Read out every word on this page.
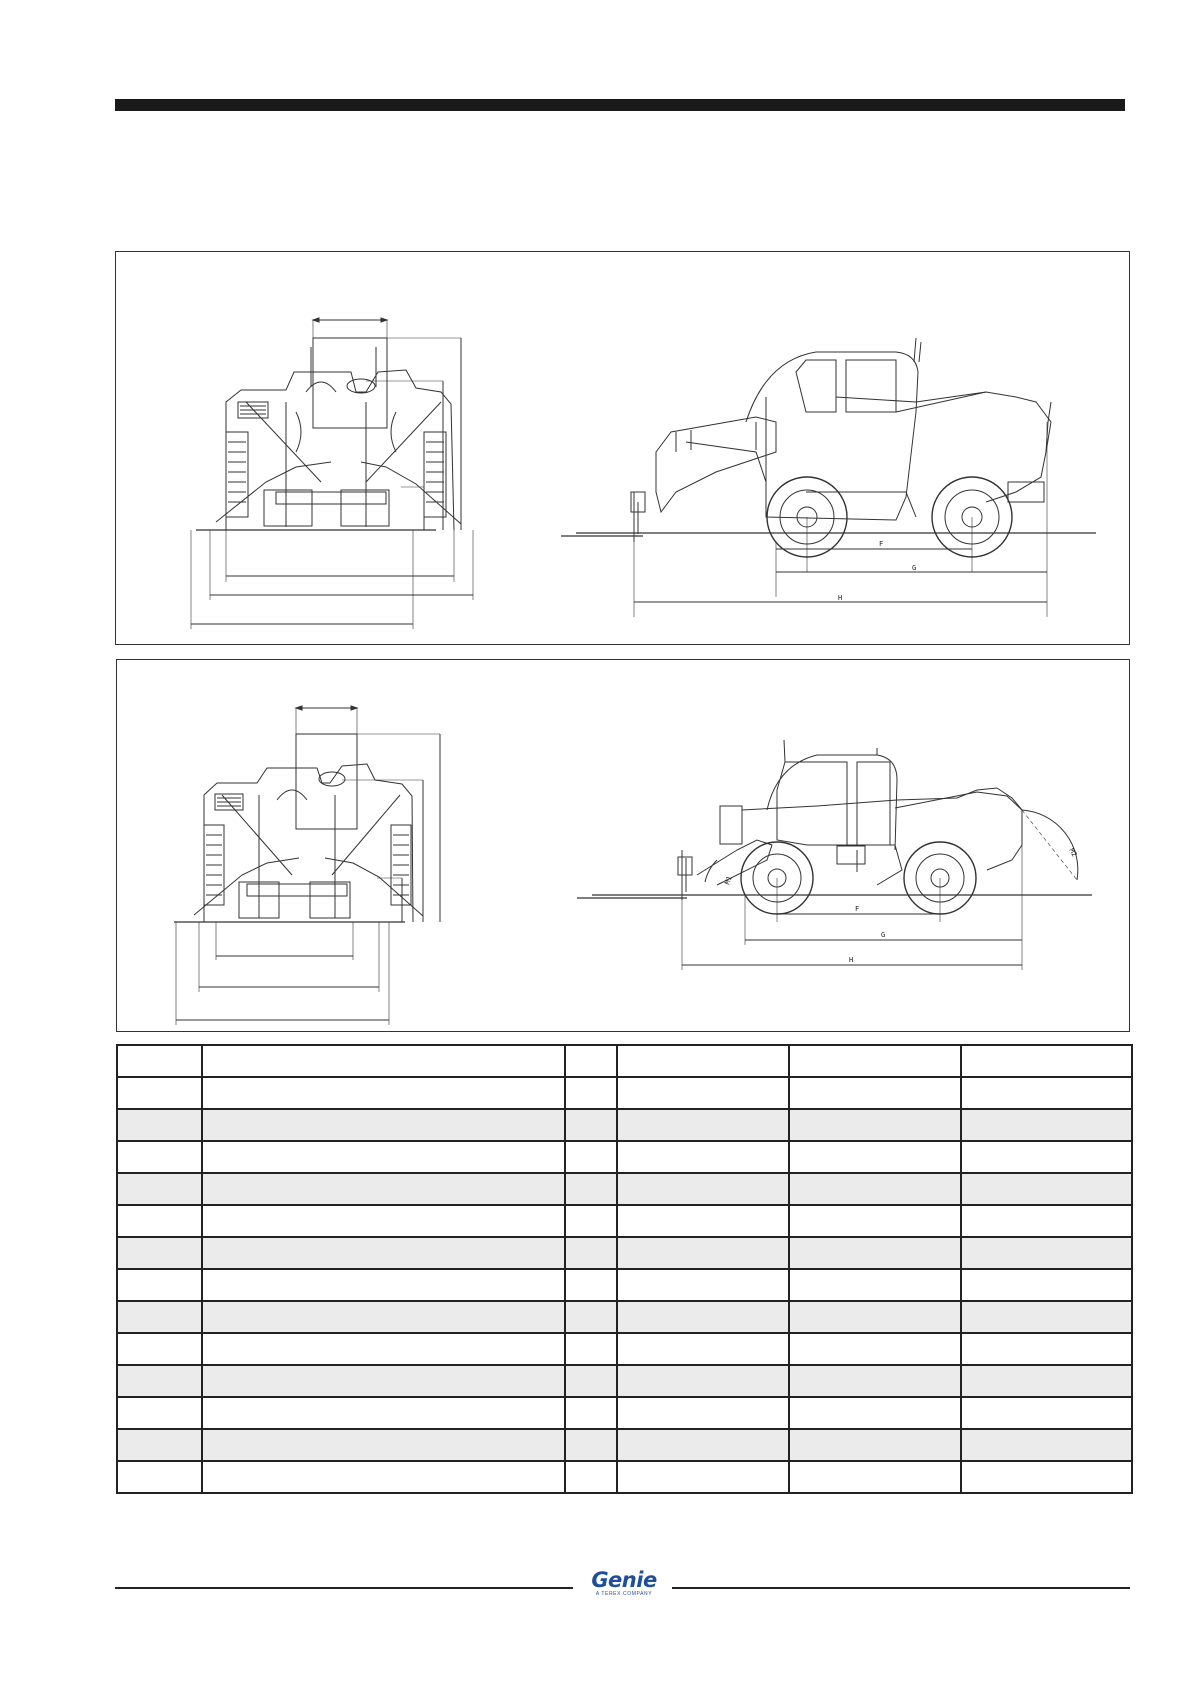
F
G
H
F
G
H
M1
M2

Genie
A TEREX COMPANY
